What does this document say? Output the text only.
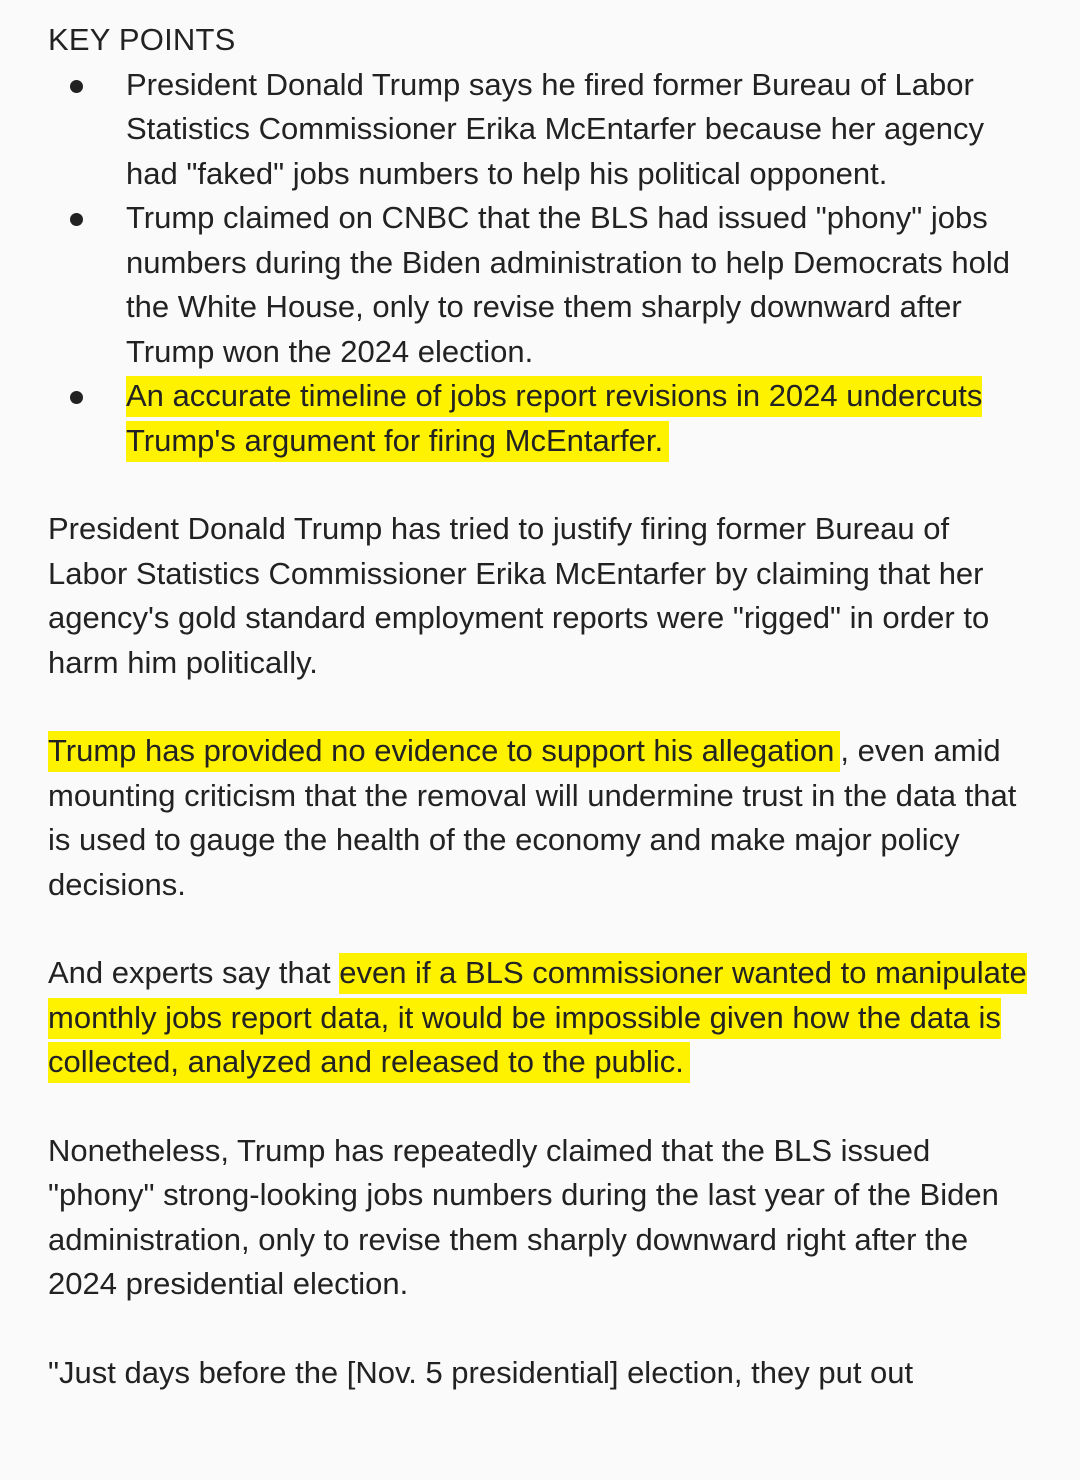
KEY POINTS
President Donald Trump says he fired former Bureau of Labor Statistics Commissioner Erika McEntarfer because her agency had "faked" jobs numbers to help his political opponent.
Trump claimed on CNBC that the BLS had issued "phony" jobs numbers during the Biden administration to help Democrats hold the White House, only to revise them sharply downward after Trump won the 2024 election.
An accurate timeline of jobs report revisions in 2024 undercuts Trump's argument for firing McEntarfer.

President Donald Trump has tried to justify firing former Bureau of Labor Statistics Commissioner Erika McEntarfer by claiming that her agency's gold standard employment reports were "rigged" in order to harm him politically.

Trump has provided no evidence to support his allegation , even amid mounting criticism that the removal will undermine trust in the data that is used to gauge the health of the economy and make major policy decisions.

And experts say that even if a BLS commissioner wanted to manipulate monthly jobs report data, it would be impossible given how the data is collected, analyzed and released to the public.

Nonetheless, Trump has repeatedly claimed that the BLS issued "phony" strong-looking jobs numbers during the last year of the Biden administration, only to revise them sharply downward right after the 2024 presidential election.

"Just days before the [Nov. 5 presidential] election, they put out
